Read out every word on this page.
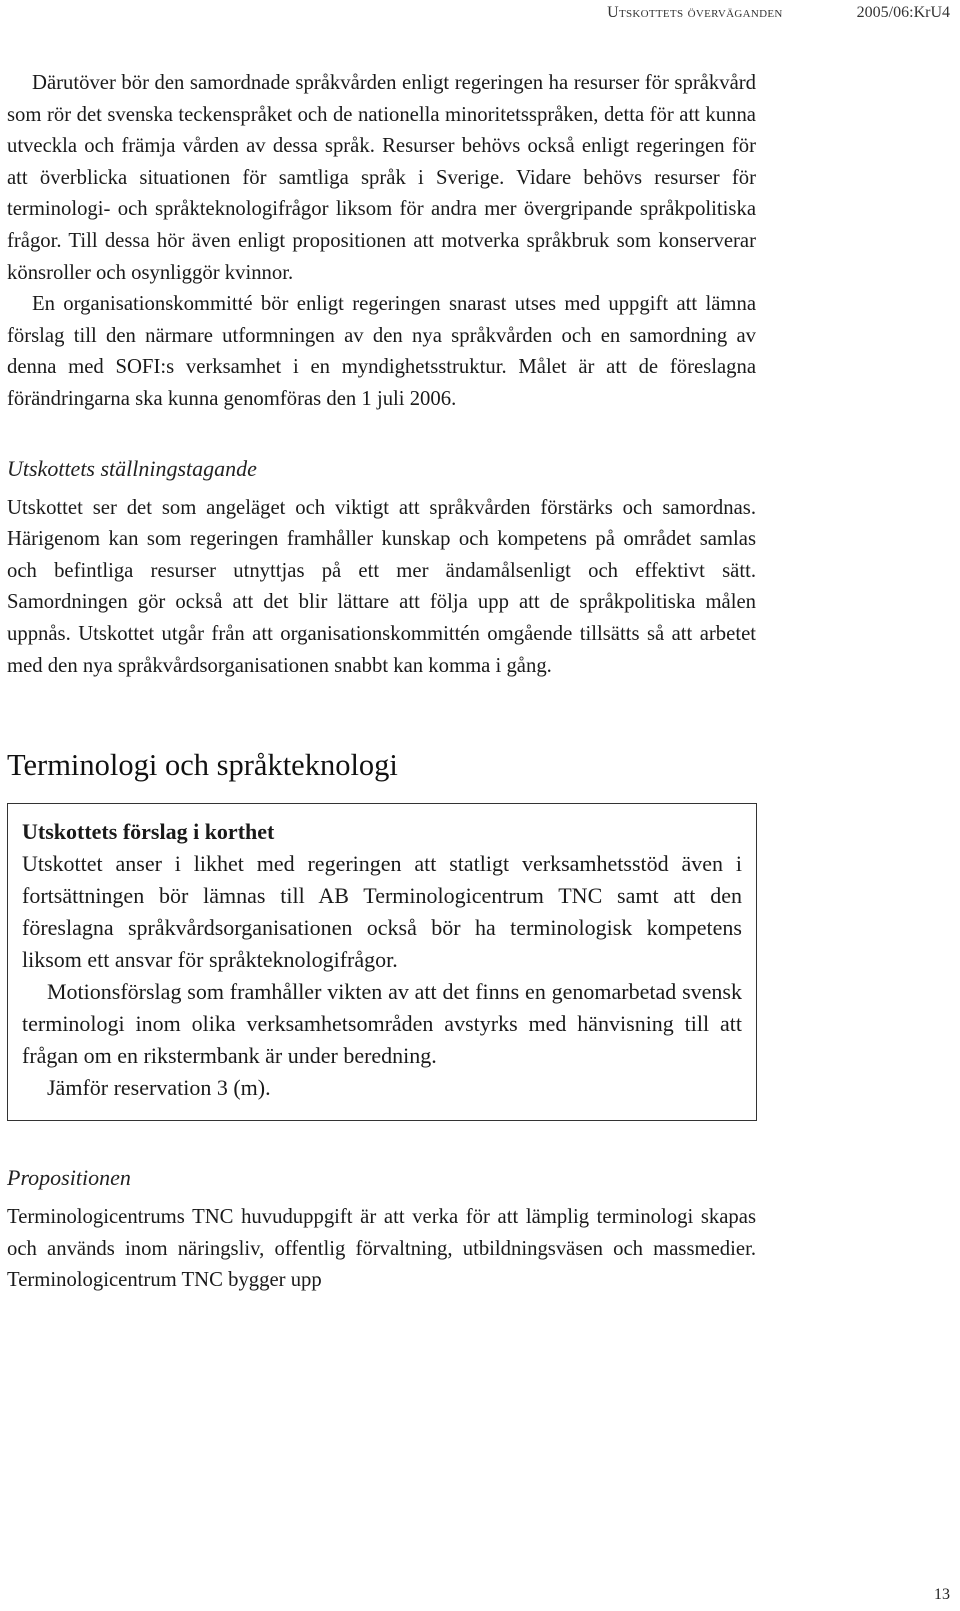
Utskottets överväganden	2005/06:KrU4

Därutöver bör den samordnade språkvården enligt regeringen ha resurser för språkvård som rör det svenska teckenspråket och de nationella minoritetsspråken, detta för att kunna utveckla och främja vården av dessa språk. Resurser behövs också enligt regeringen för att överblicka situationen för samtliga språk i Sverige. Vidare behövs resurser för terminologi- och språkteknologifrågor liksom för andra mer övergripande språkpolitiska frågor. Till dessa hör även enligt propositionen att motverka språkbruk som konserverar könsroller och osynliggör kvinnor.

En organisationskommitté bör enligt regeringen snarast utses med uppgift att lämna förslag till den närmare utformningen av den nya språkvården och en samordning av denna med SOFI:s verksamhet i en myndighetsstruktur. Målet är att de föreslagna förändringarna ska kunna genomföras den 1 juli 2006.

Utskottets ställningstagande

Utskottet ser det som angeläget och viktigt att språkvården förstärks och samordnas. Härigenom kan som regeringen framhåller kunskap och kompetens på området samlas och befintliga resurser utnyttjas på ett mer ändamålsenligt och effektivt sätt. Samordningen gör också att det blir lättare att följa upp att de språkpolitiska målen uppnås. Utskottet utgår från att organisationskommittén omgående tillsätts så att arbetet med den nya språkvårdsorganisationen snabbt kan komma i gång.

Terminologi och språkteknologi

Utskottets förslag i korthet

Utskottet anser i likhet med regeringen att statligt verksamhetsstöd även i fortsättningen bör lämnas till AB Terminologicentrum TNC samt att den föreslagna språkvårdsorganisationen också bör ha terminologisk kompetens liksom ett ansvar för språkteknologifrågor.

Motionsförslag som framhåller vikten av att det finns en genomarbetad svensk terminologi inom olika verksamhetsområden avstyrks med hänvisning till att frågan om en rikstermbank är under beredning.

Jämför reservation 3 (m).

Propositionen

Terminologicentrums TNC huvuduppgift är att verka för att lämplig terminologi skapas och används inom näringsliv, offentlig förvaltning, utbildningsväsen och massmedier. Terminologicentrum TNC bygger upp

13
